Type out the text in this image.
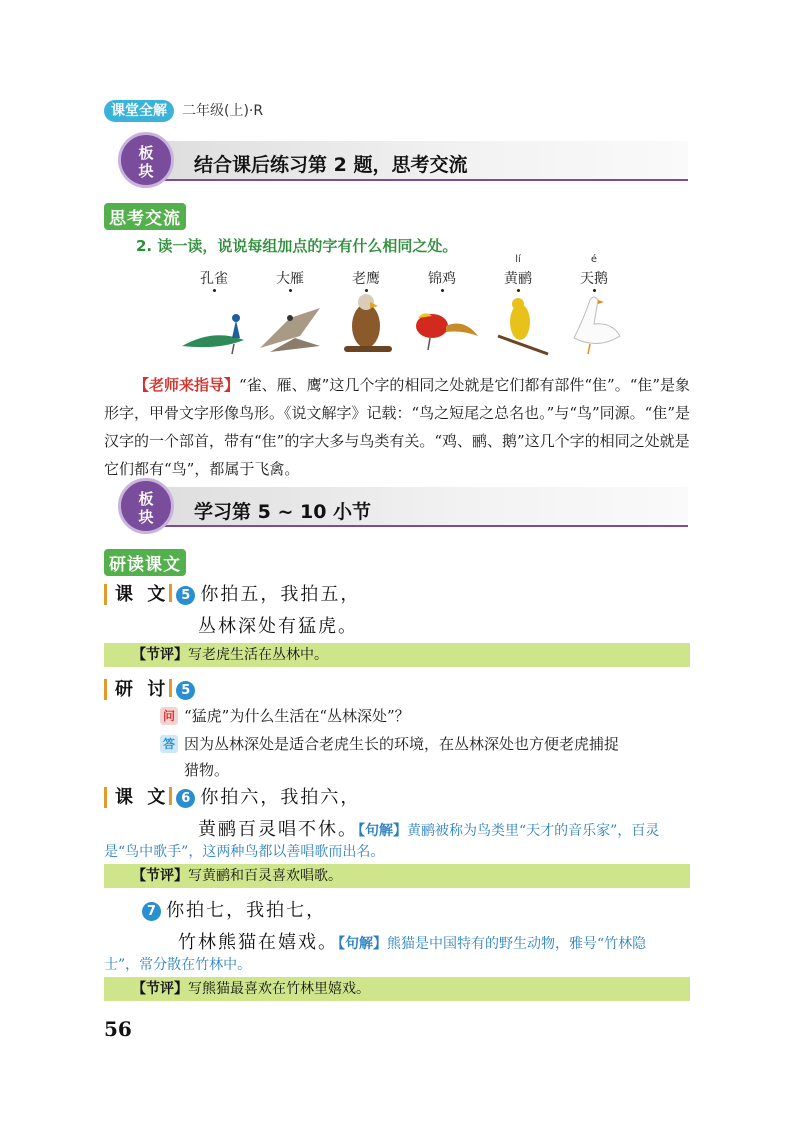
课堂全解	二年级(上)·R
板
块	结合课后练习第 2 题，思考交流
思考交流
2. 读一读，说说每组加点的字有什么相同之处。
孔雀	大雁	老鹰	锦鸡
lí
黄鹂
é
天鹅
【老师来指导】“雀、雁、鹰”这几个字的相同之处就是它们都有部件“隹”。“隹”是象形字，甲骨文字形像鸟形。《说文解字》记载：“鸟之短尾之总名也。”与“鸟”同源。“隹”是汉字的一个部首，带有“隹”的字大多与鸟类有关。“鸡、鹂、鹅”这几个字的相同之处就是它们都有“鸟”，都属于飞禽。
板
块	学习第 5 ~ 10 小节
研读课文
课 文 5 你拍五，我拍五，
丛林深处有猛虎。
【节评】写老虎生活在丛林中。
研 讨 5
问 “猛虎”为什么生活在“丛林深处”？
答 因为丛林深处是适合老虎生长的环境，在丛林深处也方便老虎捕捉
猎物。
课 文 6 你拍六，我拍六，
黄鹂百灵唱不休。【句解】黄鹂被称为鸟类里“天才的音乐家”，百灵
是“鸟中歌手”，这两种鸟都以善唱歌而出名。
【节评】写黄鹂和百灵喜欢唱歌。
7 你拍七，我拍七，
竹林熊猫在嬉戏。【句解】熊猫是中国特有的野生动物，雅号“竹林隐
士”，常分散在竹林中。
【节评】写熊猫最喜欢在竹林里嬉戏。
56
